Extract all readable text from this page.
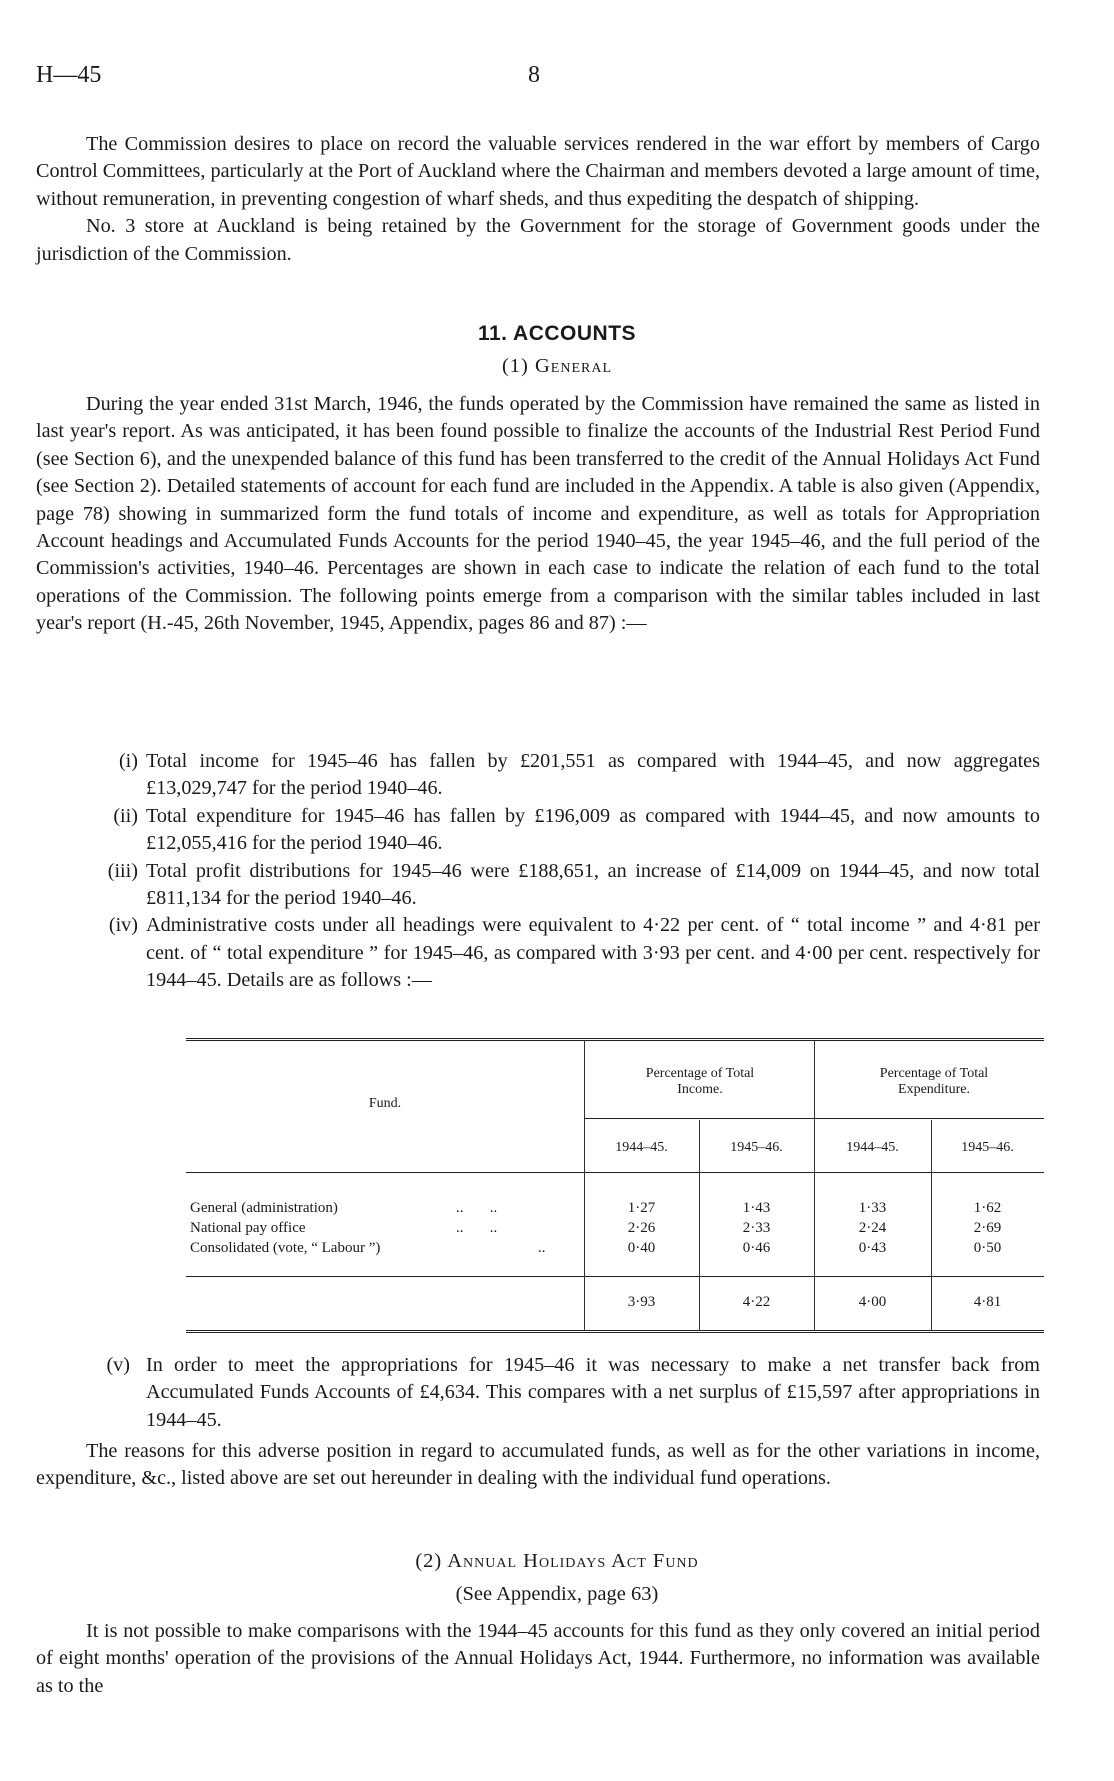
H—45	8

The Commission desires to place on record the valuable services rendered in the war effort by members of Cargo Control Committees, particularly at the Port of Auckland where the Chairman and members devoted a large amount of time, without remuneration, in preventing congestion of wharf sheds, and thus expediting the despatch of shipping.

No. 3 store at Auckland is being retained by the Government for the storage of Government goods under the jurisdiction of the Commission.

11. ACCOUNTS
(1) General

During the year ended 31st March, 1946, the funds operated by the Commission have remained the same as listed in last year's report. As was anticipated, it has been found possible to finalize the accounts of the Industrial Rest Period Fund (see Section 6), and the unexpended balance of this fund has been transferred to the credit of the Annual Holidays Act Fund (see Section 2). Detailed statements of account for each fund are included in the Appendix. A table is also given (Appendix, page 78) showing in summarized form the fund totals of income and expenditure, as well as totals for Appropriation Account headings and Accumulated Funds Accounts for the period 1940–45, the year 1945–46, and the full period of the Commission's activities, 1940–46. Percentages are shown in each case to indicate the relation of each fund to the total operations of the Commission. The following points emerge from a comparison with the similar tables included in last year's report (H.-45, 26th November, 1945, Appendix, pages 86 and 87) :—

(i) Total income for 1945–46 has fallen by £201,551 as compared with 1944–45, and now aggregates £13,029,747 for the period 1940–46.
(ii) Total expenditure for 1945–46 has fallen by £196,009 as compared with 1944–45, and now amounts to £12,055,416 for the period 1940–46.
(iii) Total profit distributions for 1945–46 were £188,651, an increase of £14,009 on 1944–45, and now total £811,134 for the period 1940–46.
(iv) Administrative costs under all headings were equivalent to 4·22 per cent. of “ total income ” and 4·81 per cent. of “ total expenditure ” for 1945–46, as compared with 3·93 per cent. and 4·00 per cent. respectively for 1944–45. Details are as follows :—
Fund.
Percentage of Total Income.
Percentage of Total Expenditure.
1944–45.	1945–46.	1944–45.	1945–46.
General (administration)	..       ..	1·27	1·43	1·33	1·62
National pay office	..       ..	2·26	2·33	2·24	2·69
Consolidated (vote, “ Labour ”)	..	0·40	0·46	0·43	0·50
3·93	4·22	4·00	4·81
(v) In order to meet the appropriations for 1945–46 it was necessary to make a net transfer back from Accumulated Funds Accounts of £4,634. This compares with a net surplus of £15,597 after appropriations in 1944–45.

The reasons for this adverse position in regard to accumulated funds, as well as for the other variations in income, expenditure, &c., listed above are set out hereunder in dealing with the individual fund operations.

(2) Annual Holidays Act Fund
(See Appendix, page 63)

It is not possible to make comparisons with the 1944–45 accounts for this fund as they only covered an initial period of eight months' operation of the provisions of the Annual Holidays Act, 1944. Furthermore, no information was available as to the
